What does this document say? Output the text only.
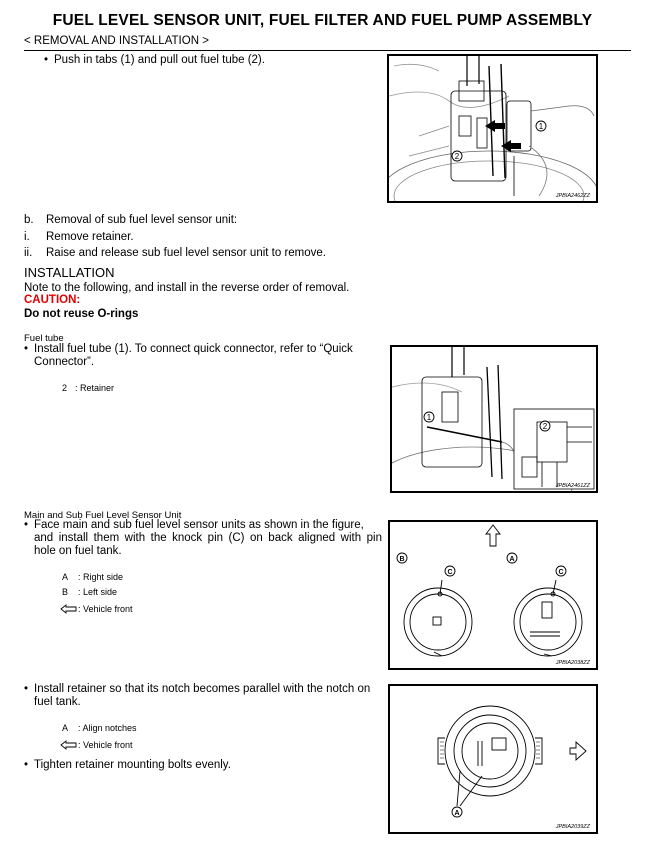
FUEL LEVEL SENSOR UNIT, FUEL FILTER AND FUEL PUMP ASSEMBLY
< REMOVAL AND INSTALLATION >
• Push in tabs (1) and pull out fuel tube (2).
b. Removal of sub fuel level sensor unit:
i. Remove retainer.
ii. Raise and release sub fuel level sensor unit to remove.
INSTALLATION
Note to the following, and install in the reverse order of removal.
CAUTION:
Do not reuse O-rings
Fuel tube
• Install fuel tube (1). To connect quick connector, refer to “Quick
Connector”.
2 : Retainer
Main and Sub Fuel Level Sensor Unit
• Face main and sub fuel level sensor units as shown in the figure,
and install them with the knock pin (C) on back aligned with pin
hole on fuel tank.
A : Right side
B : Left side
: Vehicle front
• Install retainer so that its notch becomes parallel with the notch on
fuel tank.
A : Align notches
: Vehicle front
• Tighten retainer mounting bolts evenly.
1
2
JPBIA2462ZZ
1
2
JPBIA2461ZZ
B	A
C	C
JPBIA2038ZZ
A
JPBIA2039ZZ
